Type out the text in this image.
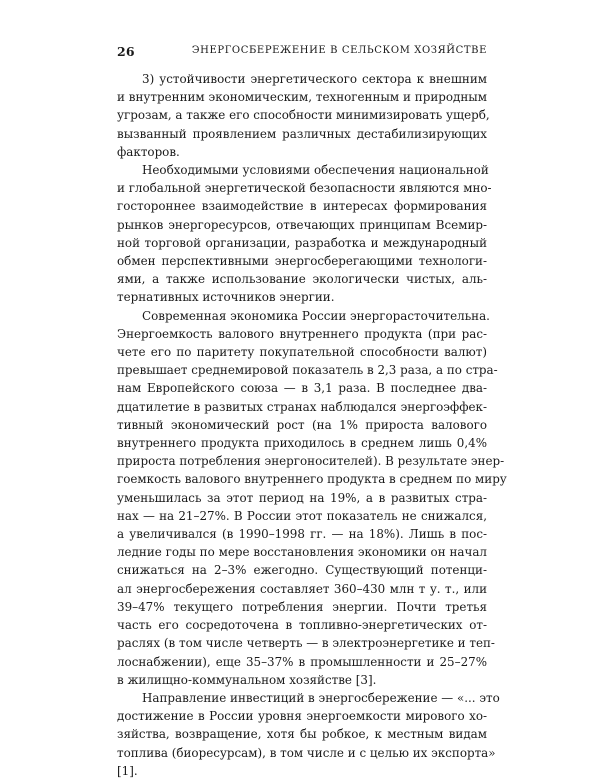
26	ЭНЕРГОСБЕРЕЖЕНИЕ В СЕЛЬСКОМ ХОЗЯЙСТВЕ

3) устойчивости энергетического сектора к внешним
и внутренним экономическим, техногенным и природным
угрозам, а также его способности минимизировать ущерб,
вызванный проявлением различных дестабилизирующих
факторов.

Необходимыми условиями обеспечения национальной
и глобальной энергетической безопасности являются мно-
гостороннее взаимодействие в интересах формирования
рынков энергоресурсов, отвечающих принципам Всемир-
ной торговой организации, разработка и международный
обмен перспективными энергосберегающими технологи-
ями, а также использование экологически чистых, аль-
тернативных источников энергии.

Современная экономика России энергорасточительна.
Энергоемкость валового внутреннего продукта (при рас-
чете его по паритету покупательной способности валют)
превышает среднемировой показатель в 2,3 раза, а по стра-
нам Европейского союза — в 3,1 раза. В последнее два-
дцатилетие в развитых странах наблюдался энергоэффек-
тивный экономический рост (на 1% прироста валового
внутреннего продукта приходилось в среднем лишь 0,4%
прироста потребления энергоносителей). В результате энер-
гоемкость валового внутреннего продукта в среднем по миру
уменьшилась за этот период на 19%, а в развитых стра-
нах — на 21–27%. В России этот показатель не снижался,
а увеличивался (в 1990–1998 гг. — на 18%). Лишь в пос-
ледние годы по мере восстановления экономики он начал
снижаться на 2–3% ежегодно. Существующий потенци-
ал энергосбережения составляет 360–430 млн т у. т., или
39–47% текущего потребления энергии. Почти третья
часть его сосредоточена в топливно-энергетических от-
раслях (в том числе четверть — в электроэнергетике и теп-
лоснабжении), еще 35–37% в промышленности и 25–27%
в жилищно-коммунальном хозяйстве [3].

Направление инвестиций в энергосбережение — «... это
достижение в России уровня энергоемкости мирового хо-
зяйства, возвращение, хотя бы робкое, к местным видам
топлива (биоресурсам), в том числе и с целью их экспорта»
[1].
